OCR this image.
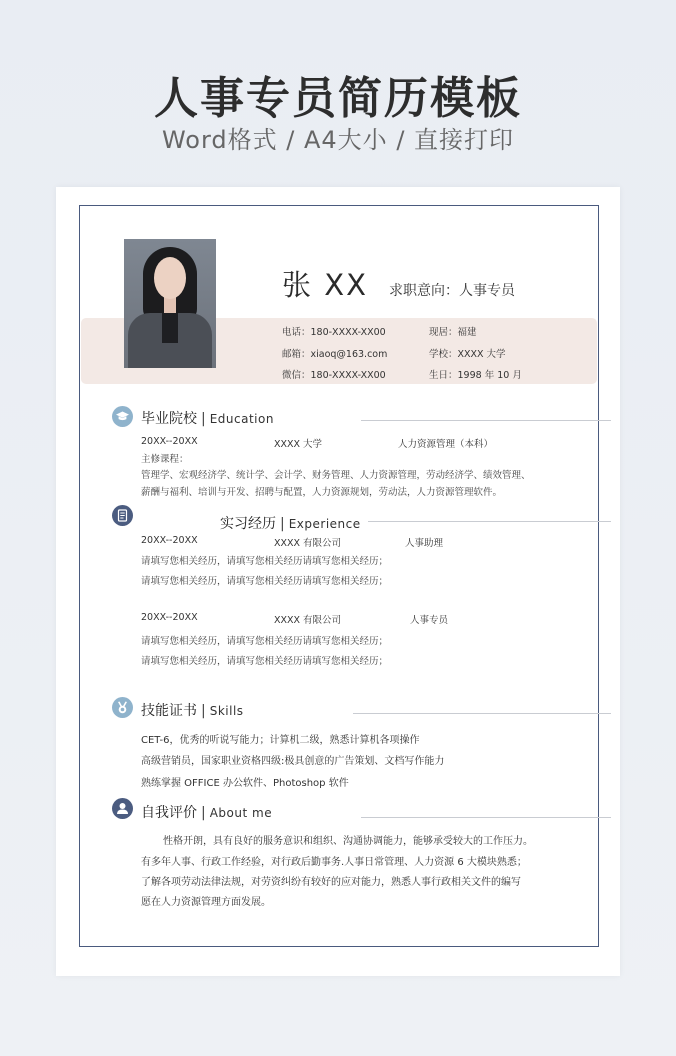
人事专员简历模板
Word格式 / A4大小 / 直接打印
张 XX 求职意向：人事专员
电话：180-XXXX-XX00	现居：福建
邮箱：xiaoq@163.com	学校：XXXX 大学
微信：180-XXXX-XX00	生日：1998 年 10 月
毕业院校 | Education
20XX--20XX	XXXX 大学	人力资源管理（本科）
主修课程：
管理学、宏观经济学、统计学、会计学、财务管理、人力资源管理，劳动经济学、绩效管理、
薪酬与福利、培训与开发、招聘与配置，人力资源规划，劳动法，人力资源管理软件。
实习经历 | Experience
20XX--20XX	XXXX 有限公司	人事助理
请填写您相关经历，请填写您相关经历请填写您相关经历；
请填写您相关经历，请填写您相关经历请填写您相关经历；
20XX--20XX	XXXX 有限公司	人事专员
请填写您相关经历，请填写您相关经历请填写您相关经历；
请填写您相关经历，请填写您相关经历请填写您相关经历；
技能证书 | Skills
CET-6，优秀的听说写能力；计算机二级，熟悉计算机各项操作
高级营销员，国家职业资格四级:极具创意的广告策划、文档写作能力
熟练掌握 OFFICE 办公软件、Photoshop 软件
自我评价 | About me
性格开朗，具有良好的服务意识和组织、沟通协调能力，能够承受较大的工作压力。
有多年人事、行政工作经验，对行政后勤事务.人事日常管理、人力资源 6 大模块熟悉；
了解各项劳动法律法规，对劳资纠纷有较好的应对能力，熟悉人事行政相关文件的编写
愿在人力资源管理方面发展。
